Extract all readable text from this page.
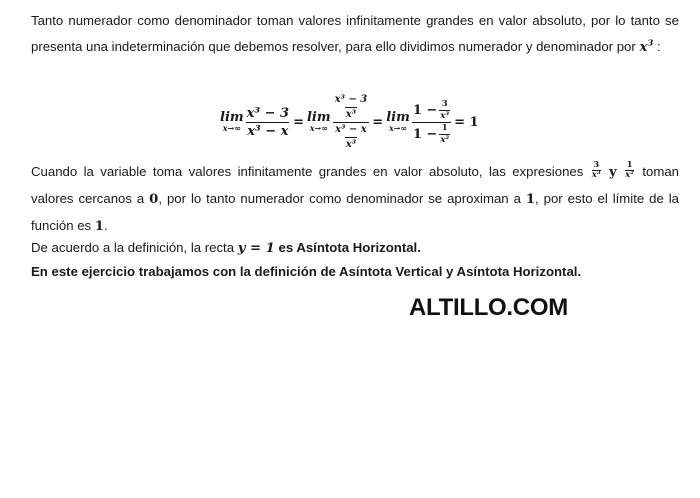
Tanto numerador como denominador toman valores infinitamente grandes en valor absoluto, por lo tanto se presenta una indeterminación que debemos resolver, para ello dividimos numerador y denominador por $x^3$ :
lim
$x\to\infty \frac{\text{x³ − 3}}{\text{x³ − x}} = \lim$
$x\to\infty \frac{\frac{\text{x³ − 3}}{\text{x³}}}{\frac{\text{x³ − x}}{\text{x³}}} = \lim$
$x\to\infty \frac{1 - \frac{3}{\text{x³}}}{1 - \frac{1}{\text{x²}}} = 1$
Cuando la variable toma valores infinitamente grandes en valor absoluto, las expresiones $\frac{3}{\text{x³}}$ y $\frac{1}{\text{x²}}$ toman valores cercanos a 0, por lo tanto numerador como denominador se aproximan a 1, por esto el límite de la función es 1.
De acuerdo a la definición, la recta y = 1 es Asíntota Horizontal.
En este ejercicio trabajamos con la definición de Asíntota Vertical y Asíntota Horizontal.
ALTILLO.COM
